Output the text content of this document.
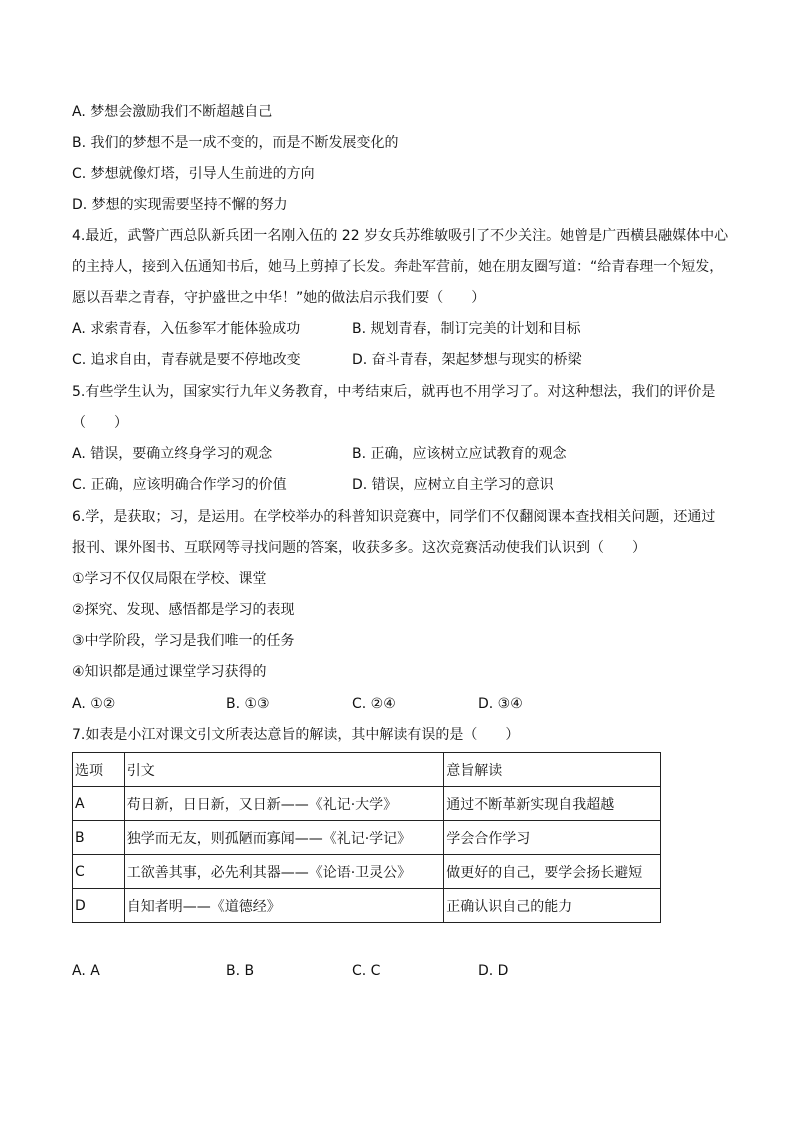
A. 梦想会激励我们不断超越自己
B. 我们的梦想不是一成不变的，而是不断发展变化的
C. 梦想就像灯塔，引导人生前进的方向
D. 梦想的实现需要坚持不懈的努力
4.最近，武警广西总队新兵团一名刚入伍的 22 岁女兵苏维敏吸引了不少关注。她曾是广西横县融媒体中心
的主持人，接到入伍通知书后，她马上剪掉了长发。奔赴军营前，她在朋友圈写道：“给青春理一个短发，
愿以吾辈之青春，守护盛世之中华！”她的做法启示我们要（　　）
A. 求索青春，入伍参军才能体验成功	B. 规划青春，制订完美的计划和目标
C. 追求自由，青春就是要不停地改变	D. 奋斗青春，架起梦想与现实的桥梁
5.有些学生认为，国家实行九年义务教育，中考结束后，就再也不用学习了。对这种想法，我们的评价是
（　　）
A. 错误，要确立终身学习的观念	B. 正确，应该树立应试教育的观念
C. 正确，应该明确合作学习的价值	D. 错误，应树立自主学习的意识
6.学，是获取；习，是运用。在学校举办的科普知识竞赛中，同学们不仅翻阅课本查找相关问题，还通过
报刊、课外图书、互联网等寻找问题的答案，收获多多。这次竞赛活动使我们认识到（　　）
①学习不仅仅局限在学校、课堂
②探究、发现、感悟都是学习的表现
③中学阶段，学习是我们唯一的任务
④知识都是通过课堂学习获得的
A. ①②	B. ①③	C. ②④	D. ③④
7.如表是小江对课文引文所表达意旨的解读，其中解读有误的是（　　）
选项	引文	意旨解读
A	苟日新，日日新，又日新——《礼记·大学》	通过不断革新实现自我超越
B	独学而无友，则孤陋而寡闻——《礼记·学记》	学会合作学习
C	工欲善其事，必先利其器——《论语·卫灵公》	做更好的自己，要学会扬长避短
D	自知者明——《道德经》	正确认识自己的能力
A. A	B. B	C. C	D. D
